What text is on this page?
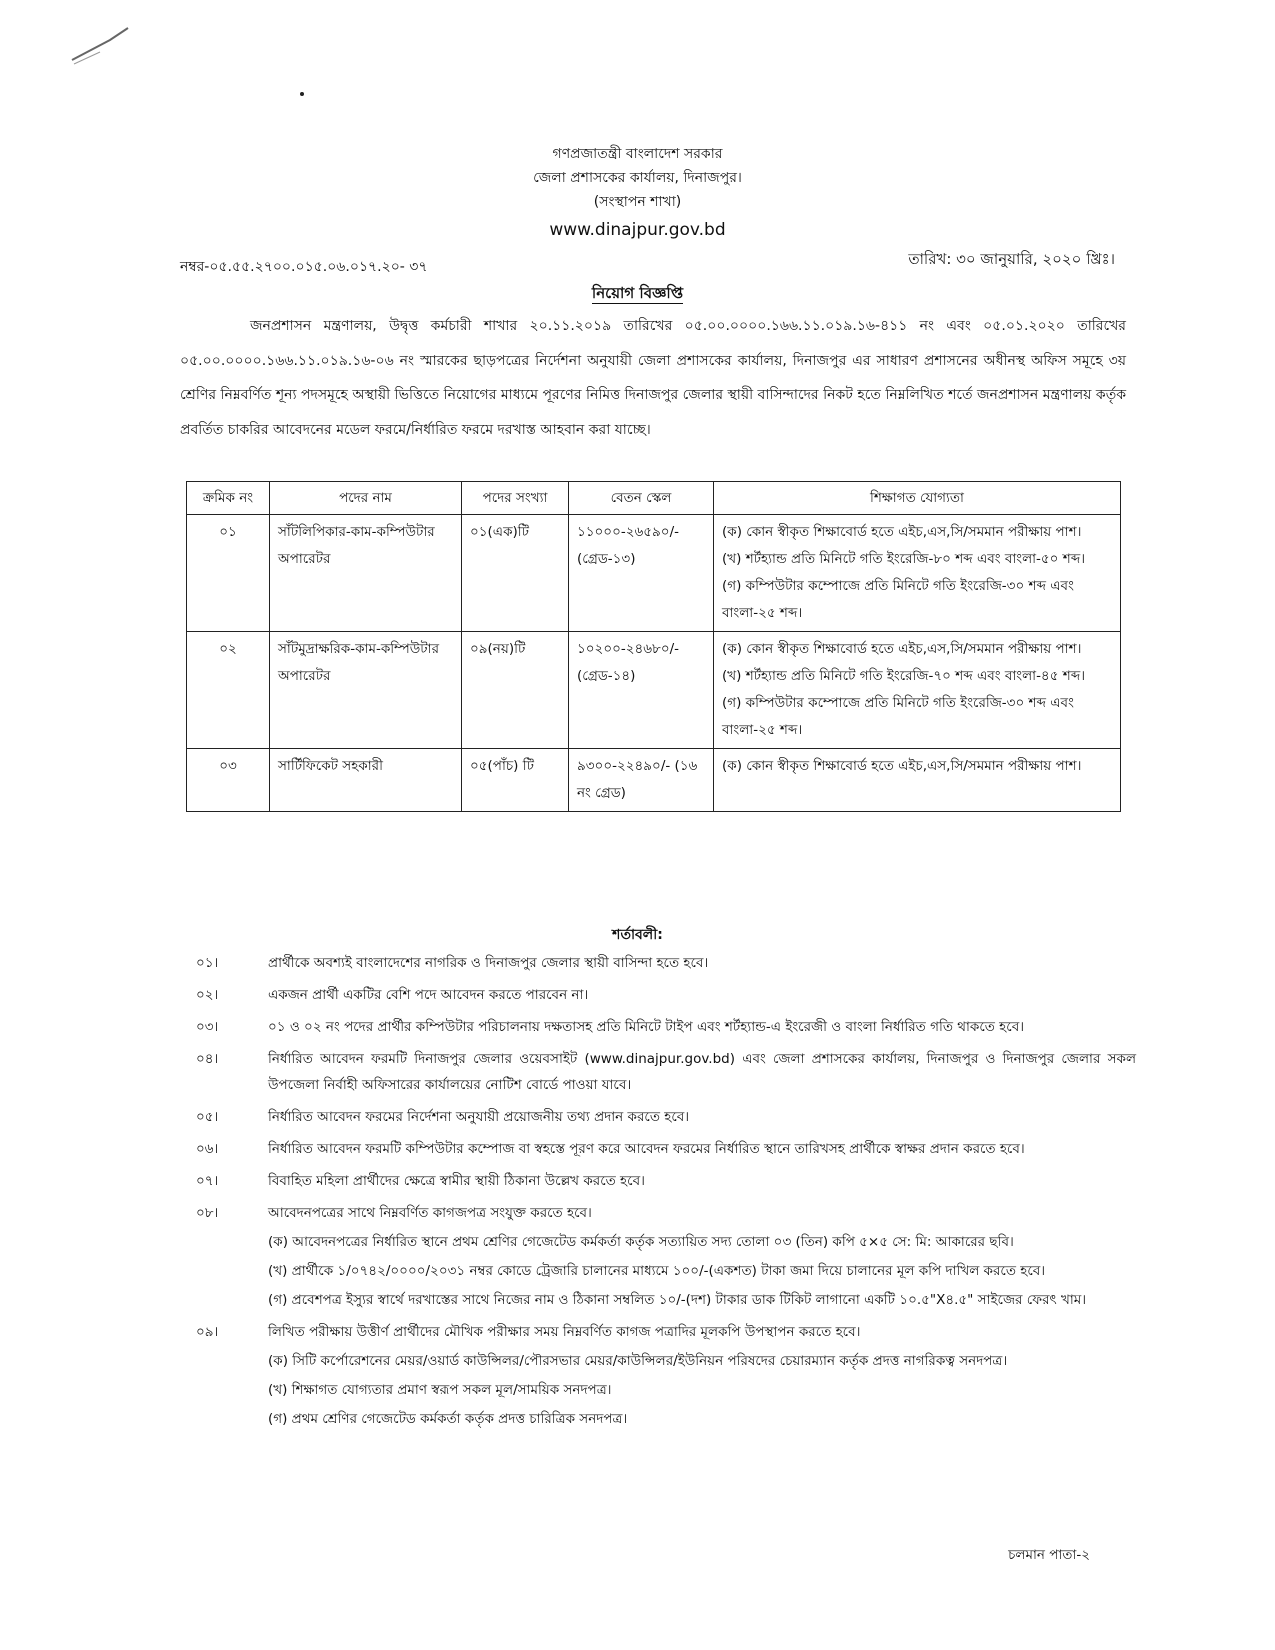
গণপ্রজাতন্ত্রী বাংলাদেশ সরকার
জেলা প্রশাসকের কার্যালয়, দিনাজপুর।
(সংস্থাপন শাখা)
www.dinajpur.gov.bd
নম্বর-০৫.৫৫.২৭০০.০১৫.০৬.০১৭.২০- ৩৭	তারিখ: ৩০ জানুয়ারি, ২০২০ খ্রিঃ।
নিয়োগ বিজ্ঞপ্তি
জনপ্রশাসন মন্ত্রণালয়, উদ্বৃত্ত কর্মচারী শাখার ২০.১১.২০১৯ তারিখের ০৫.০০.০০০০.১৬৬.১১.০১৯.১৬-৪১১ নং এবং ০৫.০১.২০২০ তারিখের ০৫.০০.০০০০.১৬৬.১১.০১৯.১৬-০৬ নং স্মারকের ছাড়পত্রের নির্দেশনা অনুযায়ী জেলা প্রশাসকের কার্যালয়, দিনাজপুর এর সাধারণ প্রশাসনের অধীনস্থ অফিস সমূহে ৩য় শ্রেণির নিম্নবর্ণিত শূন্য পদসমূহে অস্থায়ী ভিত্তিতে নিয়োগের মাধ্যমে পূরণের নিমিত্ত দিনাজপুর জেলার স্থায়ী বাসিন্দাদের নিকট হতে নিম্নলিখিত শর্তে জনপ্রশাসন মন্ত্রণালয় কর্তৃক প্রবর্তিত চাকরির আবেদনের মডেল ফরমে/নির্ধারিত ফরমে দরখাস্ত আহবান করা যাচ্ছে।
ক্রমিক নং	পদের নাম	পদের সংখ্যা	বেতন স্কেল	শিক্ষাগত যোগ্যতা
০১	সাঁটলিপিকার-কাম-কম্পিউটার অপারেটর	০১(এক)টি	১১০০০-২৬৫৯০/- (গ্রেড-১৩)	(ক) কোন স্বীকৃত শিক্ষাবোর্ড হতে এইচ,এস,সি/সমমান পরীক্ষায় পাশ।
(খ) শর্টহ্যান্ড প্রতি মিনিটে গতি ইংরেজি-৮০ শব্দ এবং বাংলা-৫০ শব্দ।
(গ) কম্পিউটার কম্পোজে প্রতি মিনিটে গতি ইংরেজি-৩০ শব্দ এবং বাংলা-২৫ শব্দ।

০২	সাঁটমুদ্রাক্ষরিক-কাম-কম্পিউটার অপারেটর	০৯(নয়)টি	১০২০০-২৪৬৮০/- (গ্রেড-১৪)	(ক) কোন স্বীকৃত শিক্ষাবোর্ড হতে এইচ,এস,সি/সমমান পরীক্ষায় পাশ।
(খ) শর্টহ্যান্ড প্রতি মিনিটে গতি ইংরেজি-৭০ শব্দ এবং বাংলা-৪৫ শব্দ।
(গ) কম্পিউটার কম্পোজে প্রতি মিনিটে গতি ইংরেজি-৩০ শব্দ এবং বাংলা-২৫ শব্দ।

০৩	সার্টিফিকেট সহকারী	০৫(পাঁচ) টি	৯৩০০-২২৪৯০/- (১৬ নং গ্রেড)	(ক) কোন স্বীকৃত শিক্ষাবোর্ড হতে এইচ,এস,সি/সমমান পরীক্ষায় পাশ।
শর্তাবলী:
০১।	প্রার্থীকে অবশ্যই বাংলাদেশের নাগরিক ও দিনাজপুর জেলার স্থায়ী বাসিন্দা হতে হবে।
০২।	একজন প্রার্থী একটির বেশি পদে আবেদন করতে পারবেন না।
০৩।	০১ ও ০২ নং পদের প্রার্থীর কম্পিউটার পরিচালনায় দক্ষতাসহ প্রতি মিনিটে টাইপ এবং শর্টহ্যান্ড-এ ইংরেজী ও বাংলা নির্ধারিত গতি থাকতে হবে।
০৪।	নির্ধারিত আবেদন ফরমটি দিনাজপুর জেলার ওয়েবসাইট (www.dinajpur.gov.bd) এবং জেলা প্রশাসকের কার্যালয়, দিনাজপুর ও দিনাজপুর জেলার সকল উপজেলা নির্বাহী অফিসারের কার্যালয়ের নোটিশ বোর্ডে পাওয়া যাবে।
০৫।	নির্ধারিত আবেদন ফরমের নির্দেশনা অনুযায়ী প্রয়োজনীয় তথ্য প্রদান করতে হবে।
০৬।	নির্ধারিত আবেদন ফরমটি কম্পিউটার কম্পোজ বা স্বহস্তে পূরণ করে আবেদন ফরমের নির্ধারিত স্থানে তারিখসহ প্রার্থীকে স্বাক্ষর প্রদান করতে হবে।
০৭।	বিবাহিত মহিলা প্রার্থীদের ক্ষেত্রে স্বামীর স্থায়ী ঠিকানা উল্লেখ করতে হবে।
০৮।	আবেদনপত্রের সাথে নিম্নবর্ণিত কাগজপত্র সংযুক্ত করতে হবে।
(ক) আবেদনপত্রের নির্ধারিত স্থানে প্রথম শ্রেণির গেজেটেড কর্মকর্তা কর্তৃক সত্যায়িত সদ্য তোলা ০৩ (তিন) কপি ৫×৫ সে: মি: আকারের ছবি।
(খ) প্রার্থীকে ১/০৭৪২/০০০০/২০৩১ নম্বর কোডে ট্রেজারি চালানের মাধ্যমে ১০০/-(একশত) টাকা জমা দিয়ে চালানের মূল কপি দাখিল করতে হবে।
(গ) প্রবেশপত্র ইস্যুর স্বার্থে দরখাস্তের সাথে নিজের নাম ও ঠিকানা সম্বলিত ১০/-(দশ) টাকার ডাক টিকিট লাগানো একটি ১০.৫"X৪.৫" সাইজের ফেরৎ খাম।
০৯।	লিখিত পরীক্ষায় উত্তীর্ণ প্রার্থীদের মৌখিক পরীক্ষার সময় নিম্নবর্ণিত কাগজ পত্রাদির মূলকপি উপস্থাপন করতে হবে।
(ক) সিটি কর্পোরেশনের মেয়র/ওয়ার্ড কাউন্সিলর/পৌরসভার মেয়র/কাউন্সিলর/ইউনিয়ন পরিষদের চেয়ারম্যান কর্তৃক প্রদত্ত নাগরিকত্ব সনদপত্র।
(খ) শিক্ষাগত যোগ্যতার প্রমাণ স্বরূপ সকল মূল/সাময়িক সনদপত্র।
(গ) প্রথম শ্রেণির গেজেটেড কর্মকর্তা কর্তৃক প্রদত্ত চারিত্রিক সনদপত্র।
চলমান পাতা-২
